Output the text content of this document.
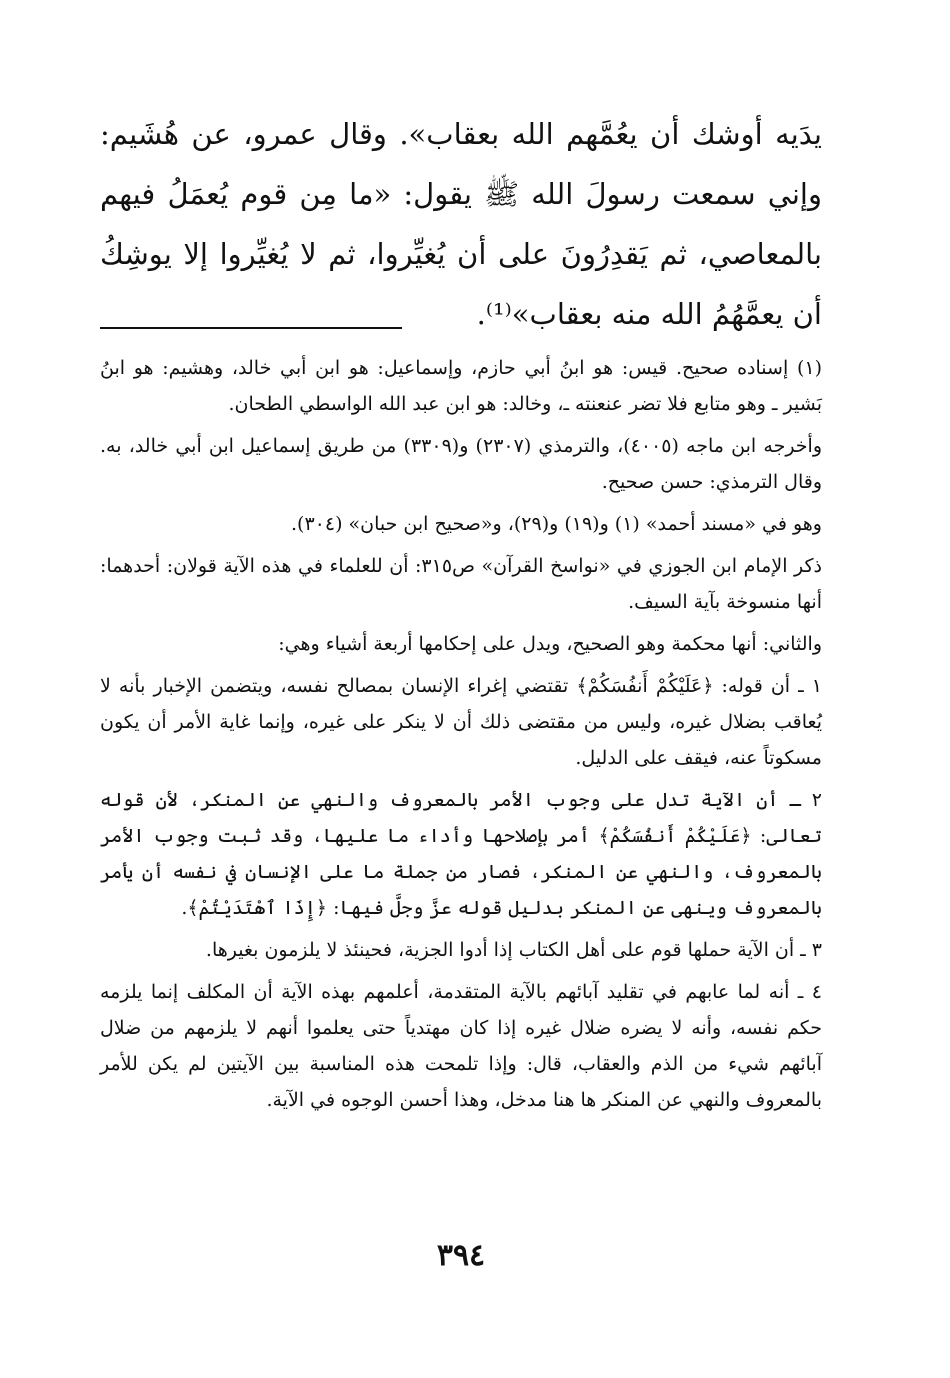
يدَيه أوشك أن يعُمَّهم الله بعقاب». وقال عمرو، عن هُشَيم: وإني سمعت رسولَ الله ﷺ يقول: «ما مِن قوم يُعمَلُ فيهم بالمعاصي، ثم يَقدِرُونَ على أن يُغيِّروا، ثم لا يُغيِّروا إلا يوشِكُ أن يعمَّهُمُ الله منه بعقاب»⁽¹⁾.

(١) إسناده صحيح. قيس: هو ابنُ أبي حازم، وإسماعيل: هو ابن أبي خالد، وهشيم: هو ابنُ بَشير ـ وهو متابع فلا تضر عنعنته ـ، وخالد: هو ابن عبد الله الواسطي الطحان.

وأخرجه ابن ماجه (٤٠٠٥)، والترمذي (٢٣٠٧) و(٣٣٠٩) من طريق إسماعيل ابن أبي خالد، به. وقال الترمذي: حسن صحيح.

وهو في «مسند أحمد» (١) و(١٩) و(٢٩)، و«صحيح ابن حبان» (٣٠٤).

ذكر الإمام ابن الجوزي في «نواسخ القرآن» ص٣١٥: أن للعلماء في هذه الآية قولان: أحدهما: أنها منسوخة بآية السيف.

والثاني: أنها محكمة وهو الصحيح، ويدل على إحكامها أربعة أشياء وهي:

١ ـ أن قوله: ﴿عَلَيْكُمْ أَنفُسَكُمْ﴾ تقتضي إغراء الإنسان بمصالح نفسه، ويتضمن الإخبار بأنه لا يُعاقب بضلال غيره، وليس من مقتضى ذلك أن لا ينكر على غيره، وإنما غاية الأمر أن يكون مسكوتاً عنه، فيقف على الدليل.

٢ ـ أن الآية تدل على وجوب الأمر بالمعروف والنهي عن المنكر، لأن قوله تعالى: ﴿عَلَيْكُمْ أَنفُسَكُمْ﴾ أمر بإصلاحها وأداء ما عليها، وقد ثبت وجوب الأمر بالمعروف، والنهي عن المنكر، فصار من جملة ما على الإنسان في نفسه أن يأمر بالمعروف وينهى عن المنكر بدليل قوله عزَّ وجلَّ فيها: ﴿إِذَا ٱهْتَدَيْتُمْ﴾.

٣ ـ أن الآية حملها قوم على أهل الكتاب إذا أدوا الجزية، فحينئذ لا يلزمون بغيرها.

٤ ـ أنه لما عابهم في تقليد آبائهم بالآية المتقدمة، أعلمهم بهذه الآية أن المكلف إنما يلزمه حكم نفسه، وأنه لا يضره ضلال غيره إذا كان مهتدياً حتى يعلموا أنهم لا يلزمهم من ضلال آبائهم شيء من الذم والعقاب، قال: وإذا تلمحت هذه المناسبة بين الآيتين لم يكن للأمر بالمعروف والنهي عن المنكر ها هنا مدخل، وهذا أحسن الوجوه في الآية.

٣٩٤
